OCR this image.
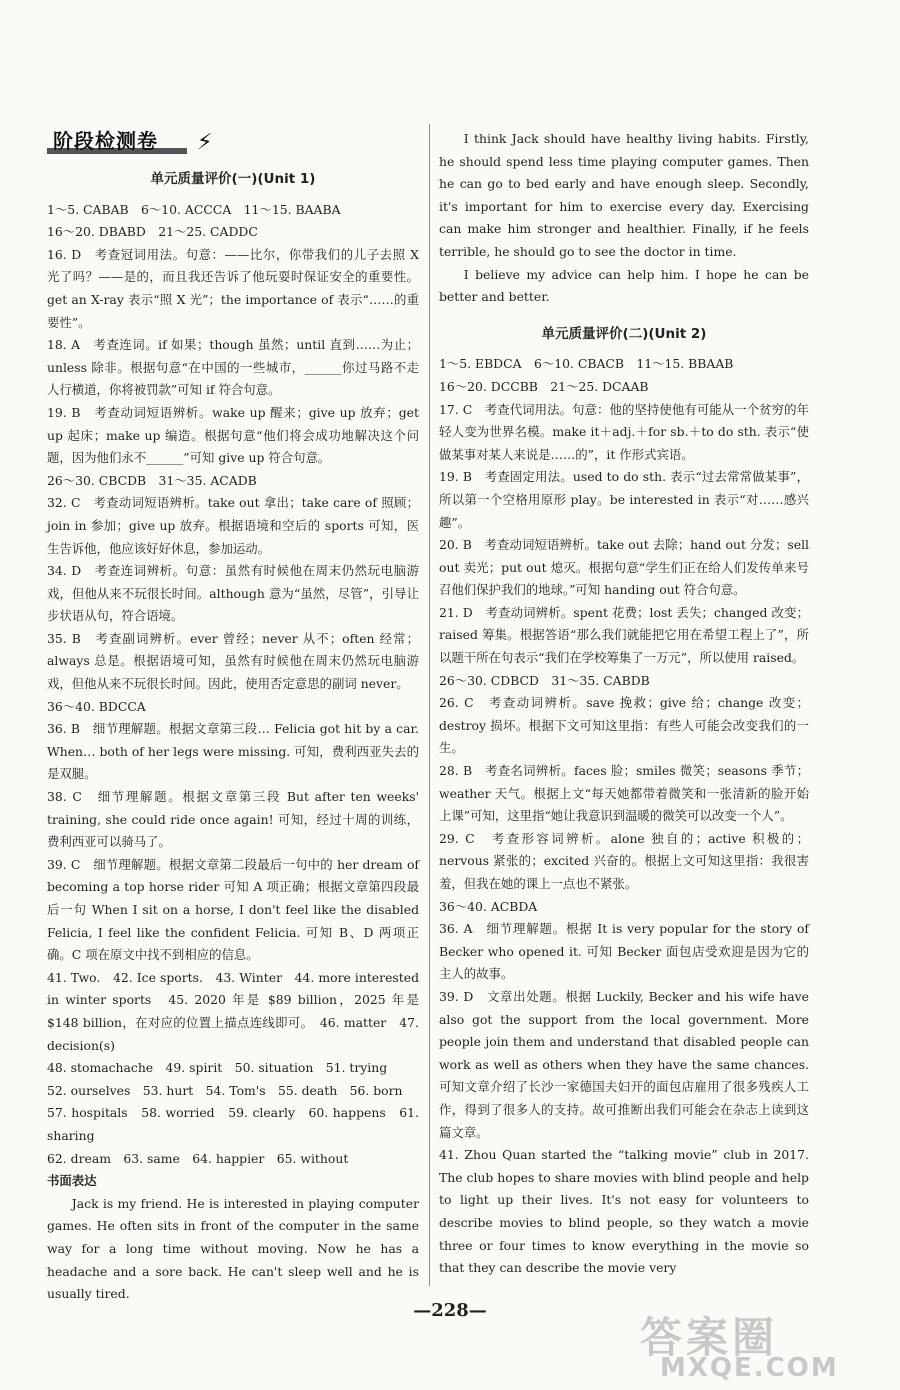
阶段检测卷 ⚡
单元质量评价(一)(Unit 1)

1～5. CABAB　6～10. ACCCA　11～15. BAABA

16～20. DBABD　21～25. CADDC

16. D　考查冠词用法。句意：——比尔，你带我们的儿子去照 X 光了吗？——是的，而且我还告诉了他玩耍时保证安全的重要性。get an X-ray 表示“照 X 光”；the importance of 表示“……的重要性”。

18. A　考查连词。if 如果；though 虽然；until 直到……为止；unless 除非。根据句意“在中国的一些城市，______你过马路不走人行横道，你将被罚款”可知 if 符合句意。

19. B　考查动词短语辨析。wake up 醒来；give up 放弃；get up 起床；make up 编造。根据句意“他们将会成功地解决这个问题，因为他们永不______”可知 give up 符合句意。

26～30. CBCDB　31～35. ACADB

32. C　考查动词短语辨析。take out 拿出；take care of 照顾；join in 参加；give up 放弃。根据语境和空后的 sports 可知，医生告诉他，他应该好好休息，参加运动。

34. D　考查连词辨析。句意：虽然有时候他在周末仍然玩电脑游戏，但他从来不玩很长时间。although 意为“虽然，尽管”，引导让步状语从句，符合语境。

35. B　考查副词辨析。ever 曾经；never 从不；often 经常；always 总是。根据语境可知，虽然有时候他在周末仍然玩电脑游戏，但他从来不玩很长时间。因此，使用否定意思的副词 never。

36～40. BDCCA

36. B　细节理解题。根据文章第三段… Felicia got hit by a car. When… both of her legs were missing. 可知，费利西亚失去的是双腿。

38. C　细节理解题。根据文章第三段 But after ten weeks' training, she could ride once again! 可知，经过十周的训练，费利西亚可以骑马了。

39. C　细节理解题。根据文章第二段最后一句中的 her dream of becoming a top horse rider 可知 A 项正确；根据文章第四段最后一句 When I sit on a horse, I don't feel like the disabled Felicia, I feel like the confident Felicia. 可知 B、D 两项正确。C 项在原文中找不到相应的信息。

41. Two.　42. Ice sports.　43. Winter　44. more interested in winter sports　45. 2020 年是 $89 billion，2025 年是 $148 billion，在对应的位置上描点连线即可。　46. matter　47. decision(s)

48. stomachache　49. spirit　50. situation　51. trying

52. ourselves　53. hurt　54. Tom's　55. death　56. born

57. hospitals　58. worried　59. clearly　60. happens　61. sharing

62. dream　63. same　64. happier　65. without

书面表达

Jack is my friend. He is interested in playing computer games. He often sits in front of the computer in the same way for a long time without moving. Now he has a headache and a sore back. He can't sleep well and he is usually tired.

I think Jack should have healthy living habits. Firstly, he should spend less time playing computer games. Then he can go to bed early and have enough sleep. Secondly, it's important for him to exercise every day. Exercising can make him stronger and healthier. Finally, if he feels terrible, he should go to see the doctor in time.

I believe my advice can help him. I hope he can be better and better.

单元质量评价(二)(Unit 2)

1～5. EBDCA　6～10. CBACB　11～15. BBAAB

16～20. DCCBB　21～25. DCAAB

17. C　考查代词用法。句意：他的坚持使他有可能从一个贫穷的年轻人变为世界名模。make it＋adj.＋for sb.＋to do sth. 表示“使做某事对某人来说是……的”，it 作形式宾语。

19. B　考查固定用法。used to do sth. 表示“过去常常做某事”，所以第一个空格用原形 play。be interested in 表示“对……感兴趣”。

20. B　考查动词短语辨析。take out 去除；hand out 分发；sell out 卖光；put out 熄灭。根据句意“学生们正在给人们发传单来号召他们保护我们的地球。”可知 handing out 符合句意。

21. D　考查动词辨析。spent 花费；lost 丢失；changed 改变；raised 筹集。根据答语“那么我们就能把它用在希望工程上了”，所以题干所在句表示“我们在学校筹集了一万元”，所以使用 raised。

26～30. CDBCD　31～35. CABDB

26. C　考查动词辨析。save 挽救；give 给；change 改变；destroy 损坏。根据下文可知这里指：有些人可能会改变我们的一生。

28. B　考查名词辨析。faces 脸；smiles 微笑；seasons 季节；weather 天气。根据上文“每天她都带着微笑和一张清新的脸开始上课”可知，这里指“她让我意识到温暖的微笑可以改变一个人”。

29. C　考查形容词辨析。alone 独自的；active 积极的；nervous 紧张的；excited 兴奋的。根据上文可知这里指：我很害羞，但我在她的课上一点也不紧张。

36～40. ACBDA

36. A　细节理解题。根据 It is very popular for the story of Becker who opened it. 可知 Becker 面包店受欢迎是因为它的主人的故事。

39. D　文章出处题。根据 Luckily, Becker and his wife have also got the support from the local government. More people join them and understand that disabled people can work as well as others when they have the same chances. 可知文章介绍了长沙一家德国夫妇开的面包店雇用了很多残疾人工作，得到了很多人的支持。故可推断出我们可能会在杂志上读到这篇文章。

41. Zhou Quan started the “talking movie” club in 2017. The club hopes to share movies with blind people and help to light up their lives. It's not easy for volunteers to describe movies to blind people, so they watch a movie three or four times to know everything in the movie so that they can describe the movie very

—228—
答案圈
MXQE.COM
